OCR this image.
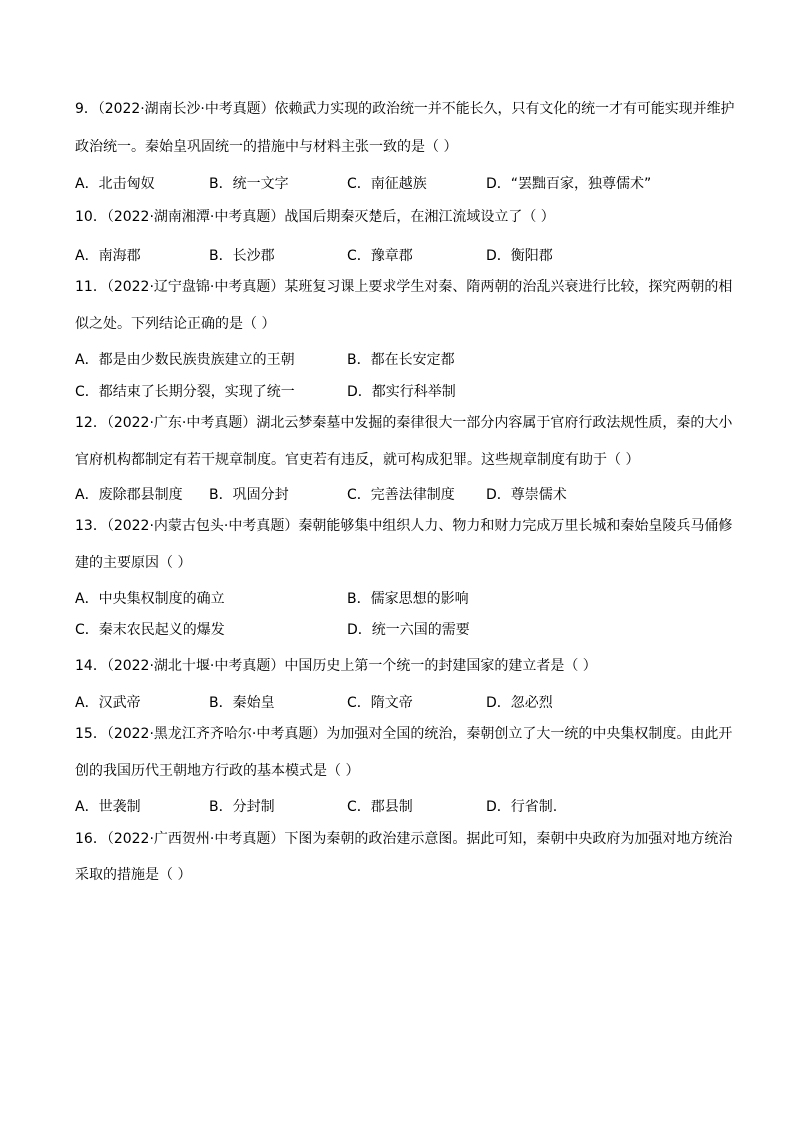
9．（2022·湖南长沙·中考真题）依赖武力实现的政治统一并不能长久，只有文化的统一才有可能实现并维护
政治统一。秦始皇巩固统一的措施中与材料主张一致的是（ ）
A．北击匈奴	B．统一文字	C．南征越族	D．“罢黜百家，独尊儒术”
10．（2022·湖南湘潭·中考真题）战国后期秦灭楚后，在湘江流域设立了（ ）
A．南海郡	B．长沙郡	C．豫章郡	D．衡阳郡
11．（2022·辽宁盘锦·中考真题）某班复习课上要求学生对秦、隋两朝的治乱兴衰进行比较，探究两朝的相
似之处。下列结论正确的是（ ）
A．都是由少数民族贵族建立的王朝	B．都在长安定都
C．都结束了长期分裂，实现了统一	D．都实行科举制
12．（2022·广东·中考真题）湖北云梦秦墓中发掘的秦律很大一部分内容属于官府行政法规性质，秦的大小
官府机构都制定有若干规章制度。官吏若有违反，就可构成犯罪。这些规章制度有助于（ ）
A．废除郡县制度 B．巩固分封	C．完善法律制度 D．尊崇儒术
13．（2022·内蒙古包头·中考真题）秦朝能够集中组织人力、物力和财力完成万里长城和秦始皇陵兵马俑修
建的主要原因（ ）
A．中央集权制度的确立	B．儒家思想的影响
C．秦末农民起义的爆发	D．统一六国的需要
14．（2022·湖北十堰·中考真题）中国历史上第一个统一的封建国家的建立者是（ ）
A．汉武帝	B．秦始皇	C．隋文帝	D．忽必烈
15．（2022·黑龙江齐齐哈尔·中考真题）为加强对全国的统治，秦朝创立了大一统的中央集权制度。由此开
创的我国历代王朝地方行政的基本模式是（ ）
A．世袭制	B．分封制	C．郡县制	D．行省制.
16．（2022·广西贺州·中考真题）下图为秦朝的政治建示意图。据此可知，秦朝中央政府为加强对地方统治
采取的措施是（ ）
